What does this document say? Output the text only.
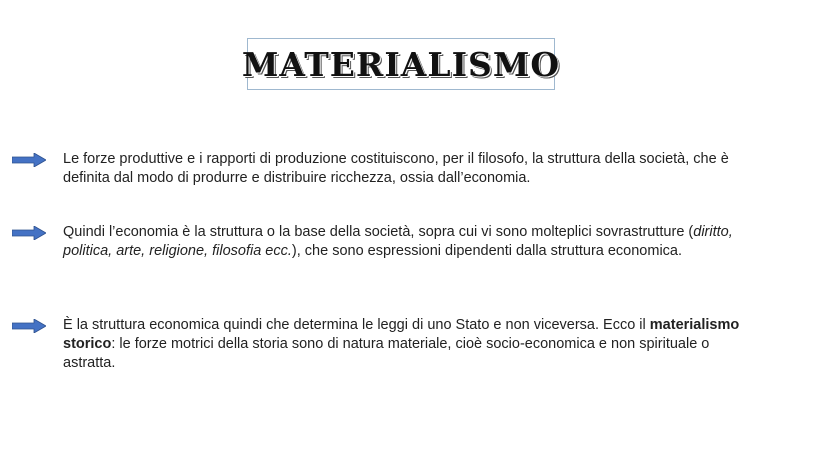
MATERIALISMO
Le forze produttive e i rapporti di produzione costituiscono, per il filosofo, la struttura della società, che è definita dal modo di produrre e distribuire ricchezza, ossia dall’economia.
Quindi l’economia è la struttura o la base della società, sopra cui vi sono molteplici sovrastrutture (diritto, politica, arte, religione, filosofia ecc.), che sono espressioni dipendenti dalla struttura economica.
È la struttura economica quindi che determina le leggi di uno Stato e non viceversa. Ecco il materialismo storico: le forze motrici della storia sono di natura materiale, cioè socio-economica e non spirituale o astratta.
